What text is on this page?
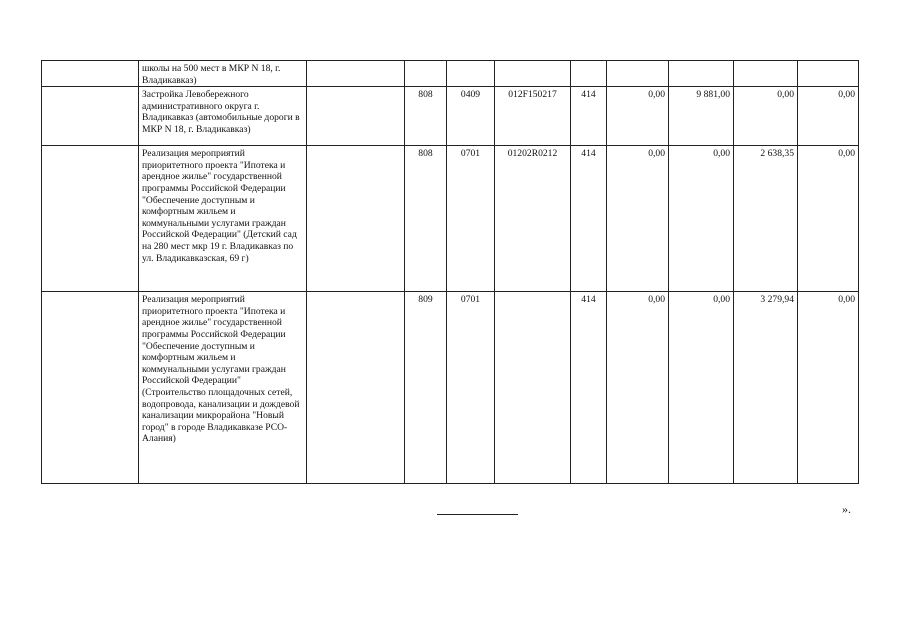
	школы на 500 мест в МКР N 18, г. Владикавказ)									
	Застройка Левобережного административного округа г. Владикавказ (автомобильные дороги в МКР N 18, г. Владикавказ)		808	0409	012F150217	414	0,00	9 881,00	0,00	0,00
	Реализация мероприятий приоритетного проекта "Ипотека и арендное жилье" государственной программы Российской Федерации "Обеспечение доступным и комфортным жильем и коммунальными услугами граждан Российской Федерации" (Детский сад на 280 мест мкр 19 г. Владикавказ по ул. Владикавказская, 69 г)		808	0701	01202R0212	414	0,00	0,00	2 638,35	0,00
	Реализация мероприятий приоритетного проекта "Ипотека и арендное жилье" государственной программы Российской Федерации "Обеспечение доступным и комфортным жильем и коммунальными услугами граждан Российской Федерации" (Строительство площадочных сетей, водопровода, канализации и дождевой канализации микрорайона "Новый город" в городе Владикавказе РСО-Алания)		809	0701		414	0,00	0,00	3 279,94	0,00
».
